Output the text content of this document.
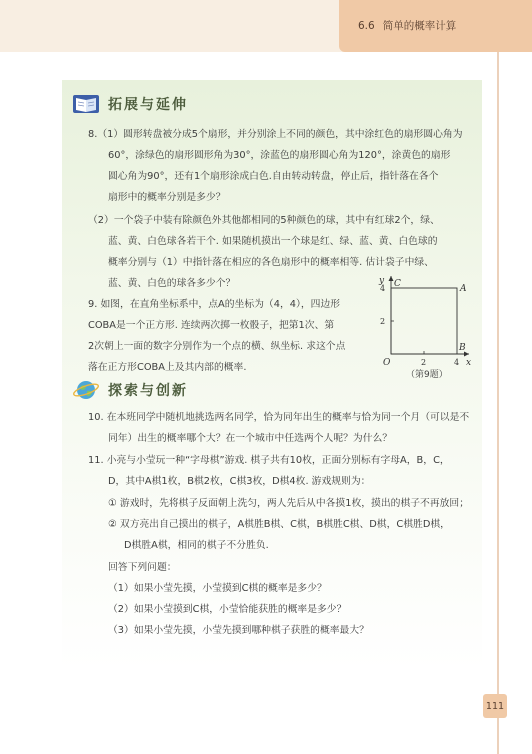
6.6 简单的概率计算
拓展与延伸
8.（1）圆形转盘被分成5个扇形，并分别涂上不同的颜色，其中涂红色的扇形圆心角为
60°，涂绿色的扇形圆形角为30°，涂蓝色的扇形圆心角为120°，涂黄色的扇形
圆心角为90°，还有1个扇形涂成白色.自由转动转盘，停止后，指针落在各个
扇形中的概率分别是多少？
（2）一个袋子中装有除颜色外其他都相同的5种颜色的球，其中有红球2个，绿、
蓝、黄、白色球各若干个. 如果随机摸出一个球是红、绿、蓝、黄、白色球的
概率分别与（1）中指针落在相应的各色扇形中的概率相等. 估计袋子中绿、
蓝、黄、白色的球各多少个？
9. 如图，在直角坐标系中，点A的坐标为（4，4），四边形
COBA是一个正方形. 连续两次掷一枚骰子，把第1次、第
2次朝上一面的数字分别作为一个点的横、纵坐标. 求这个点
落在正方形COBA上及其内部的概率.
y
4 C	A
2
B
O	2	4 x
（第9题）
探索与创新
10. 在本班同学中随机地挑选两名同学，恰为同年出生的概率与恰为同一个月（可以是不
同年）出生的概率哪个大？在一个城市中任选两个人呢？为什么？
11. 小亮与小莹玩一种“字母棋”游戏. 棋子共有10枚，正面分别标有字母A，B，C，
D，其中A棋1枚，B棋2枚，C棋3枚，D棋4枚. 游戏规则为：
① 游戏时，先将棋子反面朝上洗匀，两人先后从中各摸1枚，摸出的棋子不再放回；
② 双方亮出自己摸出的棋子，A棋胜B棋、C棋，B棋胜C棋、D棋，C棋胜D棋，
D棋胜A棋，相同的棋子不分胜负.
回答下列问题：
（1）如果小莹先摸，小莹摸到C棋的概率是多少？
（2）如果小莹摸到C棋，小莹恰能获胜的概率是多少？
（3）如果小莹先摸，小莹先摸到哪种棋子获胜的概率最大？
111
